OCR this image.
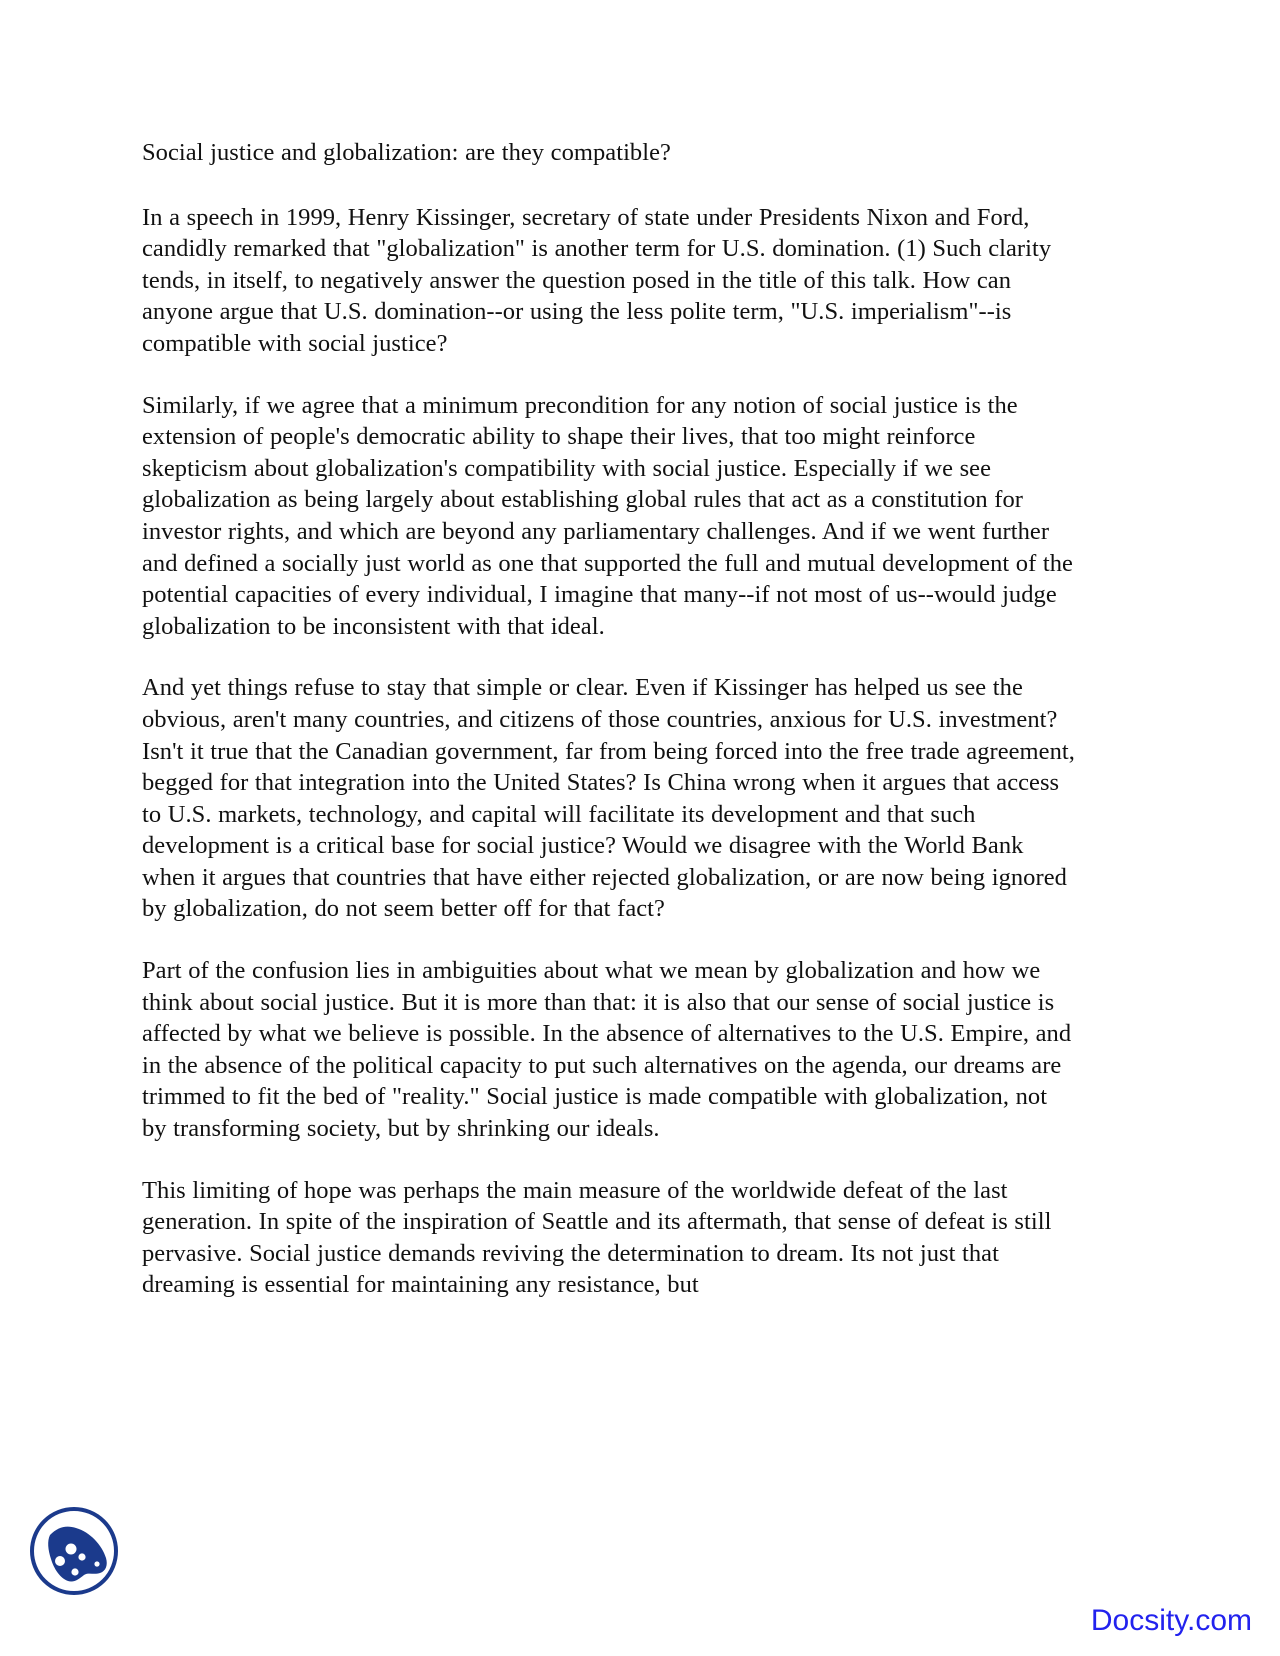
Social justice and globalization: are they compatible?

In a speech in 1999, Henry Kissinger, secretary of state under Presidents Nixon and Ford, candidly remarked that "globalization" is another term for U.S. domination. (1) Such clarity tends, in itself, to negatively answer the question posed in the title of this talk. How can anyone argue that U.S. domination--or using the less polite term, "U.S. imperialism"--is compatible with social justice?

Similarly, if we agree that a minimum precondition for any notion of social justice is the extension of people's democratic ability to shape their lives, that too might reinforce skepticism about globalization's compatibility with social justice. Especially if we see globalization as being largely about establishing global rules that act as a constitution for investor rights, and which are beyond any parliamentary challenges. And if we went further and defined a socially just world as one that supported the full and mutual development of the potential capacities of every individual, I imagine that many--if not most of us--would judge globalization to be inconsistent with that ideal.

And yet things refuse to stay that simple or clear. Even if Kissinger has helped us see the obvious, aren't many countries, and citizens of those countries, anxious for U.S. investment? Isn't it true that the Canadian government, far from being forced into the free trade agreement, begged for that integration into the United States? Is China wrong when it argues that access to U.S. markets, technology, and capital will facilitate its development and that such development is a critical base for social justice? Would we disagree with the World Bank when it argues that countries that have either rejected globalization, or are now being ignored by globalization, do not seem better off for that fact?

Part of the confusion lies in ambiguities about what we mean by globalization and how we think about social justice. But it is more than that: it is also that our sense of social justice is affected by what we believe is possible. In the absence of alternatives to the U.S. Empire, and in the absence of the political capacity to put such alternatives on the agenda, our dreams are trimmed to fit the bed of "reality." Social justice is made compatible with globalization, not by transforming society, but by shrinking our ideals.

This limiting of hope was perhaps the main measure of the worldwide defeat of the last generation. In spite of the inspiration of Seattle and its aftermath, that sense of defeat is still pervasive. Social justice demands reviving the determination to dream. Its not just that dreaming is essential for maintaining any resistance, but

Docsity.com
